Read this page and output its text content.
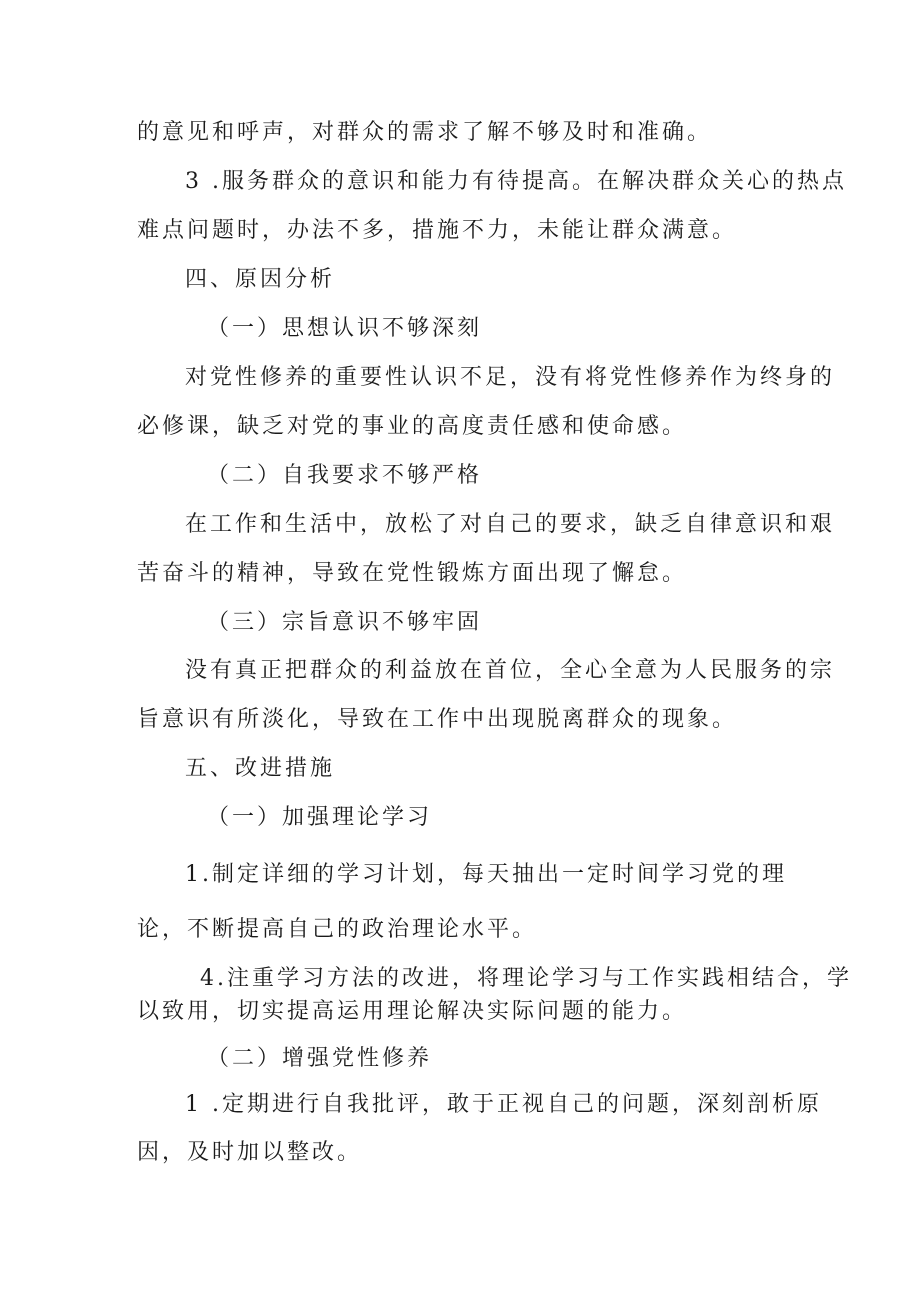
的意见和呼声，对群众的需求了解不够及时和准确。
3 .服务群众的意识和能力有待提高。在解决群众关心的热点
难点问题时，办法不多，措施不力，未能让群众满意。
四、原因分析
（一）思想认识不够深刻
对党性修养的重要性认识不足，没有将党性修养作为终身的
必修课，缺乏对党的事业的高度责任感和使命感。
（二）自我要求不够严格
在工作和生活中，放松了对自己的要求，缺乏自律意识和艰
苦奋斗的精神，导致在党性锻炼方面出现了懈怠。
（三）宗旨意识不够牢固
没有真正把群众的利益放在首位，全心全意为人民服务的宗
旨意识有所淡化，导致在工作中出现脱离群众的现象。
五、改进措施
（一）加强理论学习
1.制定详细的学习计划，每天抽出一定时间学习党的理
论，不断提高自己的政治理论水平。
4.注重学习方法的改进，将理论学习与工作实践相结合，学
以致用，切实提高运用理论解决实际问题的能力。
（二）增强党性修养
1 .定期进行自我批评，敢于正视自己的问题，深刻剖析原
因，及时加以整改。
